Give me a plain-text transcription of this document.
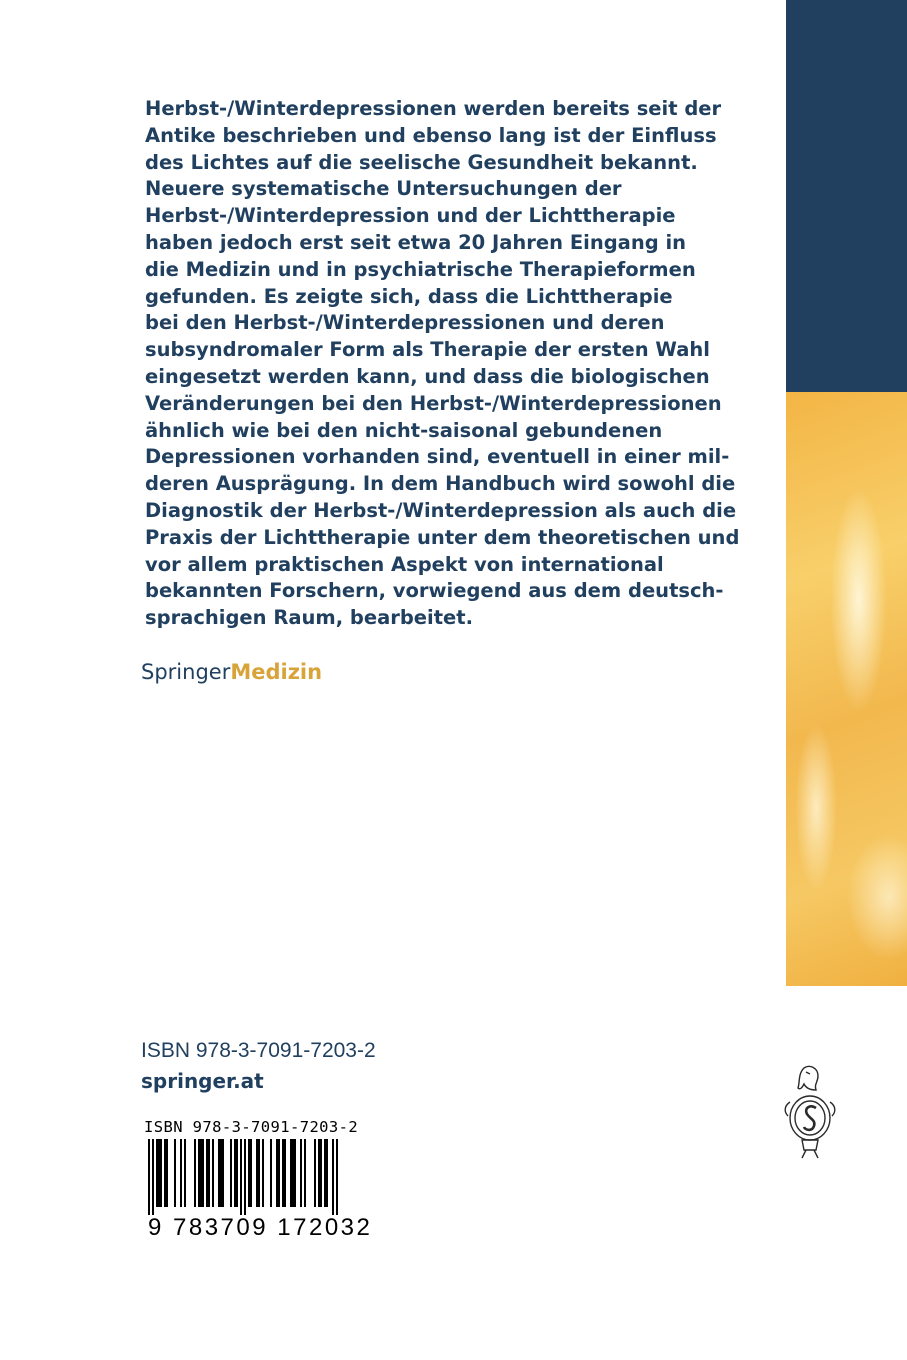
Herbst-/Winterdepressionen werden bereits seit der
Antike beschrieben und ebenso lang ist der Einfluss
des Lichtes auf die seelische Gesundheit bekannt.
Neuere systematische Untersuchungen der
Herbst-/Winterdepression und der Lichttherapie
haben jedoch erst seit etwa 20 Jahren Eingang in
die Medizin und in psychiatrische Therapieformen
gefunden. Es zeigte sich, dass die Lichttherapie
bei den Herbst-/Winterdepressionen und deren
subsyndromaler Form als Therapie der ersten Wahl
eingesetzt werden kann, und dass die biologischen
Veränderungen bei den Herbst-/Winterdepressionen
ähnlich wie bei den nicht-saisonal gebundenen
Depressionen vorhanden sind, eventuell in einer mil-
deren Ausprägung. In dem Handbuch wird sowohl die
Diagnostik der Herbst-/Winterdepression als auch die
Praxis der Lichttherapie unter dem theoretischen und
vor allem praktischen Aspekt von international
bekannten Forschern, vorwiegend aus dem deutsch-
sprachigen Raum, bearbeitet.
SpringerMedizin
ISBN 978-3-7091-7203-2
springer.at
ISBN 978-3-7091-7203-2
9 783709 172032
